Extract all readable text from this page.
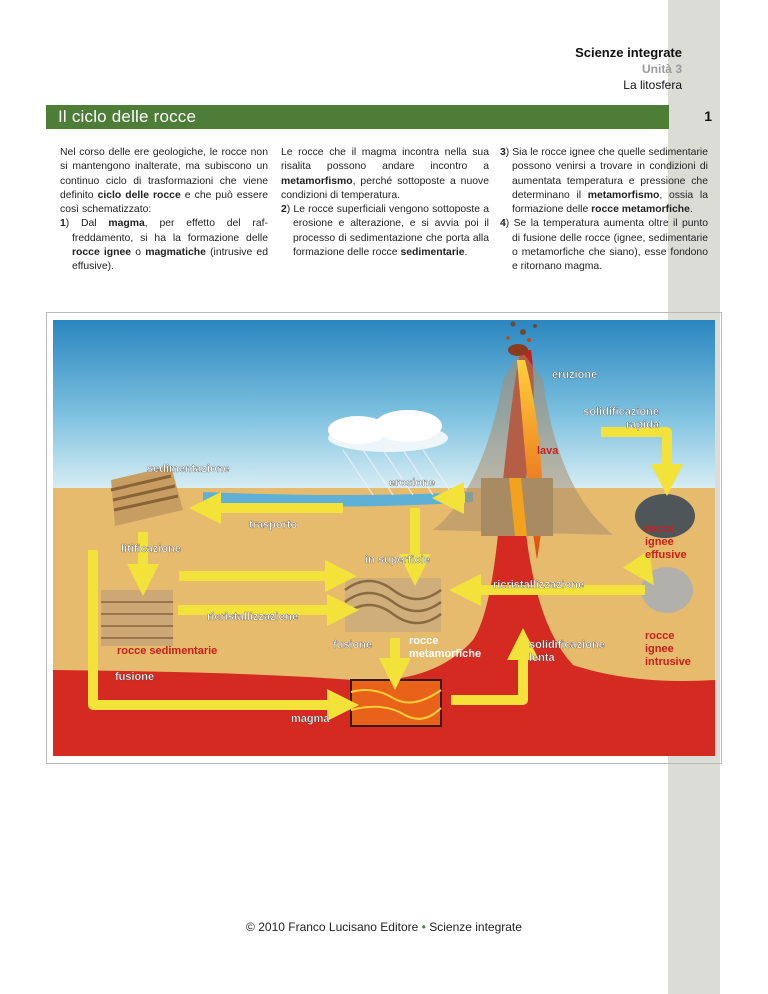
Scienze integrate
Unità 3
La litosfera
Il ciclo delle rocce	1

Nel corso delle ere geologiche, le rocce non si mantengono inalterate, ma subiscono un continuo ciclo di trasformazioni che viene definito ciclo delle rocce e che può essere così schematizzato:

1) Dal magma, per effetto del raffreddamento, si ha la formazione delle rocce ignee o magmatiche (intrusive ed effusive).

Le rocce che il magma incontra nella sua risalita possono andare incontro a metamorfismo, perché sottoposte a nuove condizioni di temperatura.

2) Le rocce superficiali vengono sottoposte a erosione e alterazione, e si avvia poi il processo di sedimentazione che porta alla formazione delle rocce sedimentarie.

3) Sia le rocce ignee che quelle sedimentarie possono venirsi a trovare in condizioni di aumentata temperatura e pressione che determinano il metamorfismo, ossia la formazione delle rocce metamorfiche.

4) Se la temperatura aumenta oltre il punto di fusione delle rocce (ignee, sedimentarie o metamorfiche che siano), esse fondono e ritornano magma.

eruzione
solidificazione
rapida
sedimentazione
erosione
trasporto
litificazione
in superficie
ricristallizzazione
ricristallizzazione
fusione	solidificazione
lenta
fusione
magma
lava
rocce
ignee
effusive
rocce sedimentarie
rocce
ignee
intrusive
rocce
metamorfiche
© 2010 Franco Lucisano Editore • Scienze integrate
